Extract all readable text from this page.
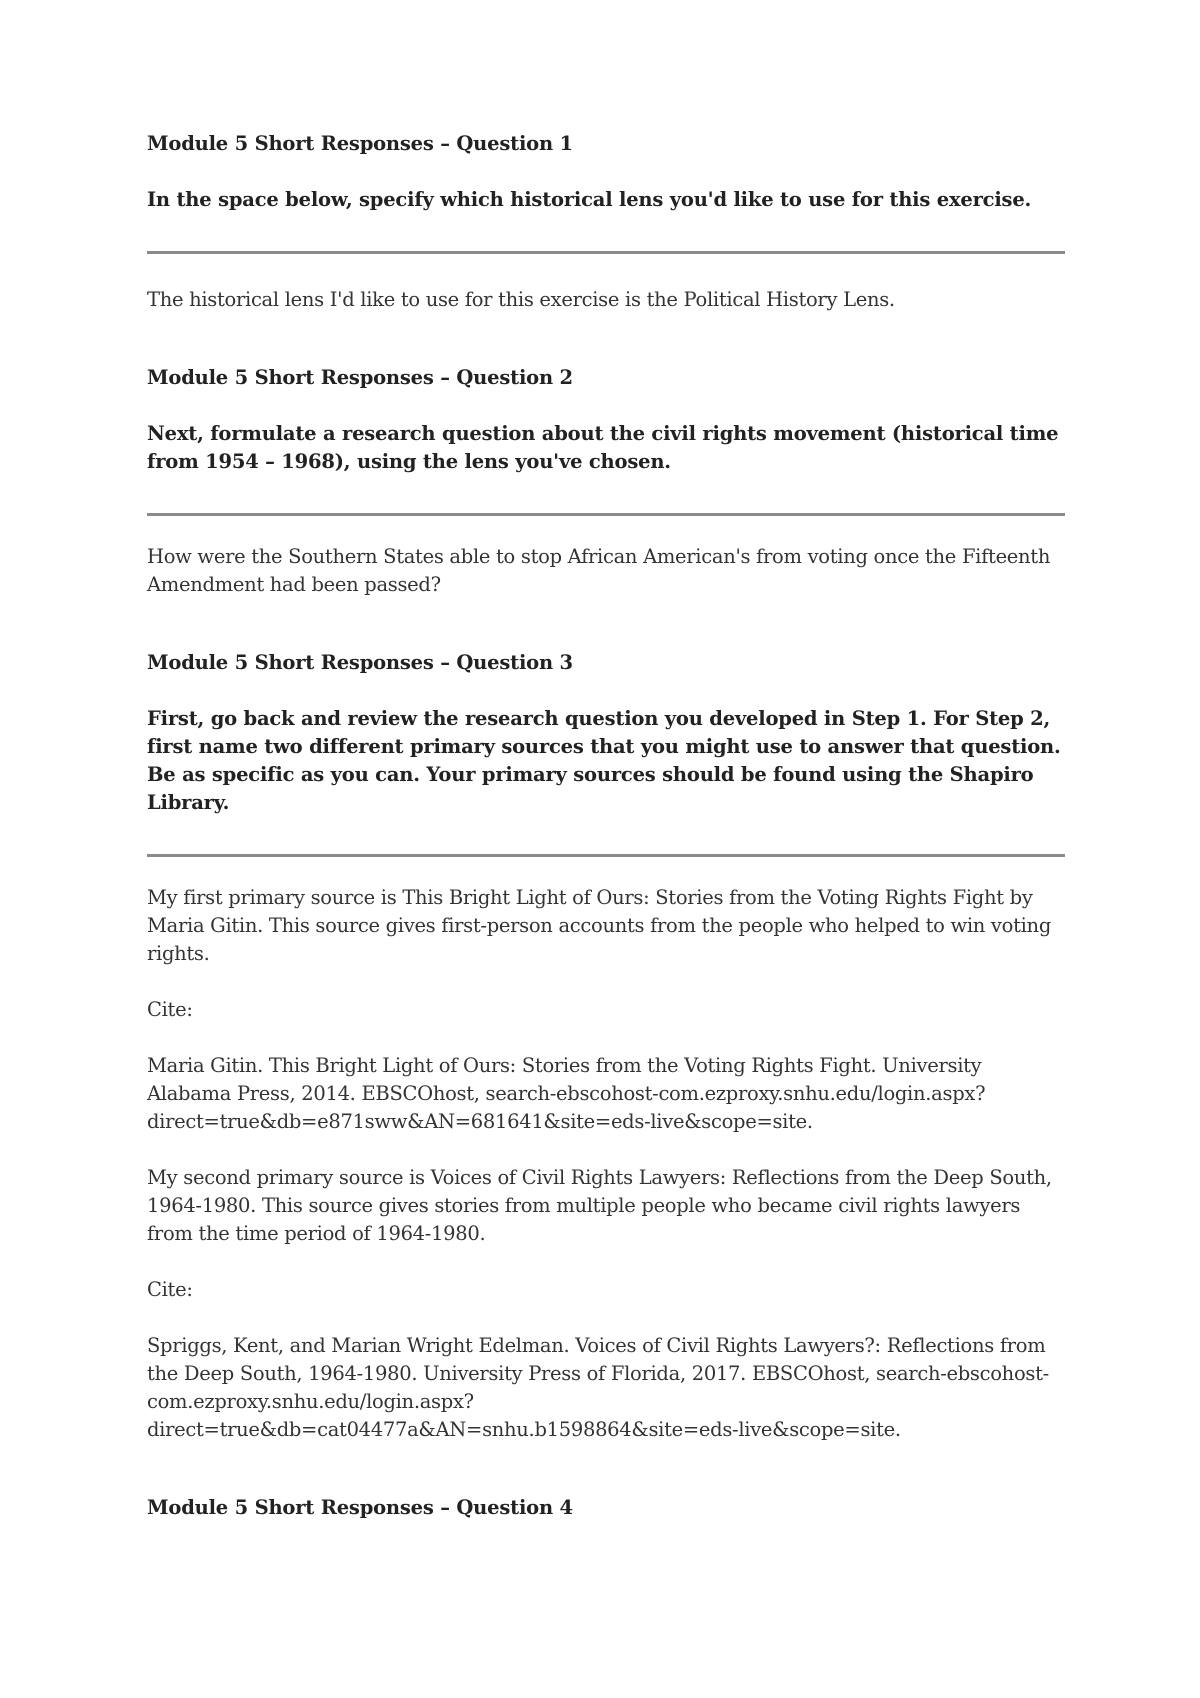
Module 5 Short Responses – Question 1

In the space below, specify which historical lens you'd like to use for this exercise.

The historical lens I'd like to use for this exercise is the Political History Lens.

Module 5 Short Responses – Question 2

Next, formulate a research question about the civil rights movement (historical time from 1954 – 1968), using the lens you've chosen.

How were the Southern States able to stop African American's from voting once the Fifteenth Amendment had been passed?

Module 5 Short Responses – Question 3

First, go back and review the research question you developed in Step 1. For Step 2, first name two different primary sources that you might use to answer that question. Be as specific as you can. Your primary sources should be found using the Shapiro Library.

My first primary source is This Bright Light of Ours: Stories from the Voting Rights Fight by Maria Gitin. This source gives first-person accounts from the people who helped to win voting rights.

Cite:

Maria Gitin. This Bright Light of Ours: Stories from the Voting Rights Fight. University Alabama Press, 2014. EBSCOhost, search-ebscohost-com.ezproxy.snhu.edu/login.aspx?direct=true&db=e871sww&AN=681641&site=eds-live&scope=site.

My second primary source is Voices of Civil Rights Lawyers: Reflections from the Deep South, 1964-1980. This source gives stories from multiple people who became civil rights lawyers from the time period of 1964-1980.

Cite:

Spriggs, Kent, and Marian Wright Edelman. Voices of Civil Rights Lawyers?: Reflections from the Deep South, 1964-1980. University Press of Florida, 2017. EBSCOhost, search-ebscohost-com.ezproxy.snhu.edu/login.aspx?direct=true&db=cat04477a&AN=snhu.b1598864&site=eds-live&scope=site.

Module 5 Short Responses – Question 4
